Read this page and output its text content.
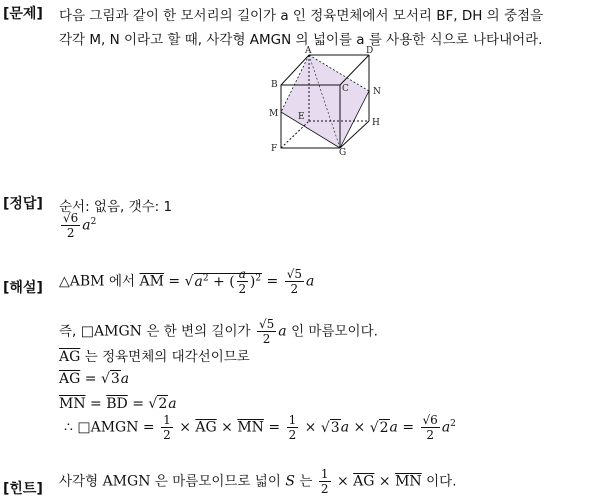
[문제] 다음 그림과 같이 한 모서리의 길이가 a 인 정육면체에서 모서리 BF, DH 의 중점을
각각 M, N 이라고 할 때, 사각형 AMGN 의 넓이를 a 를 사용한 식으로 나타내어라.
A	D
B	C	N
M E
H
F	G
[정답] 순서: 없음, 갯수: 1
$\frac{√6}{2} a^2$
[해설] △ABM 에서 $\overline{AM} = √a^2$ + ( $\frac{a}{2} )^2 = \frac{√5}{2}$ a
즉, □AMGN 은 한 변의 길이가 $\frac{√5}{2}$ a 인 마름모이다.
$\overline{AG}$ 는 정육면체의 대각선이므로
$\overline{AG} = √3a$
$\overline{MN} = \overline{BD} = √2a$
∴ □AMGN = $\frac{1}{2} \times \overline{AG} \times \overline{MN} = \frac{1}{2} \times √3a \times √2a = \frac{√6}{2} a^2$
[힌트] 사각형 AMGN 은 마름모이므로 넓이 S 는 $\frac{1}{2} \times \overline{AG} \times \overline{MN}$ 이다.
